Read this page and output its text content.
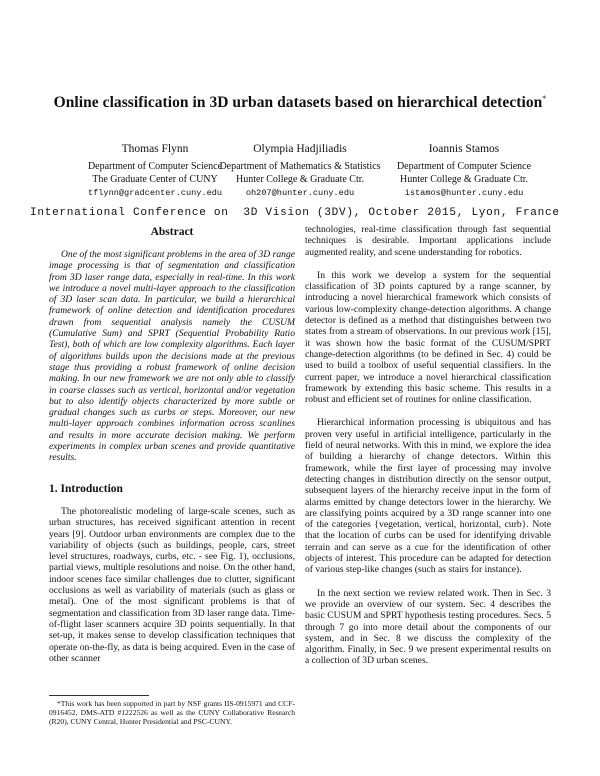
Online classification in 3D urban datasets based on hierarchical detection*
Thomas Flynn
Department of Computer Science
The Graduate Center of CUNY
tflynn@gradcenter.cuny.edu
Olympia Hadjiliadis
Department of Mathematics & Statistics
Hunter College & Graduate Ctr.
oh207@hunter.cuny.edu
Ioannis Stamos
Department of Computer Science
Hunter College & Graduate Ctr.
istamos@hunter.cuny.edu
International Conference on  3D Vision (3DV), October 2015, Lyon, France
Abstract
One of the most significant problems in the area of 3D range image processing is that of segmentation and classification from 3D laser range data, especially in real-time. In this work we introduce a novel multi-layer approach to the classification of 3D laser scan data. In particular, we build a hierarchical framework of online detection and identification procedures drawn from sequential analysis namely the CUSUM (Cumulative Sum) and SPRT (Sequential Probability Ratio Test), both of which are low complexity algorithms. Each layer of algorithms builds upon the decisions made at the previous stage thus providing a robust framework of online decision making. In our new framework we are not only able to classify in coarse classes such as vertical, horizontal and/or vegetation but to also identify objects characterized by more subtle or gradual changes such as curbs or steps. Moreover, our new multi-layer approach combines information across scanlines and results in more accurate decision making. We perform experiments in complex urban scenes and provide quantitative results.
1. Introduction
The photorealistic modeling of large-scale scenes, such as urban structures, has received significant attention in recent years [9]. Outdoor urban environments are complex due to the variability of objects (such as buildings, people, cars, street level structures, roadways, curbs, etc. - see Fig. 1), occlusions, partial views, multiple resolutions and noise. On the other hand, indoor scenes face similar challenges due to clutter, significant occlusions as well as variability of materials (such as glass or metal). One of the most significant problems is that of segmentation and classification from 3D laser range data. Time-of-flight laser scanners acquire 3D points sequentially. In that set-up, it makes sense to develop classification techniques that operate on-the-fly, as data is being acquired. Even in the case of other scanner
*This work has been supported in part by NSF grants IIS-0915971 and CCF-0916452, DMS-ATD #1222526 as well as the CUNY Collaborative Research (R20), CUNY Central, Hunter Presidential and PSC-CUNY.

technologies, real-time classification through fast sequential techniques is desirable. Important applications include augmented reality, and scene understanding for robotics.

In this work we develop a system for the sequential classification of 3D points captured by a range scanner, by introducing a novel hierarchical framework which consists of various low-complexity change-detection algorithms. A change detector is defined as a method that distinguishes between two states from a stream of observations. In our previous work [15], it was shown how the basic format of the CUSUM/SPRT change-detection algorithms (to be defined in Sec. 4) could be used to build a toolbox of useful sequential classifiers. In the current paper, we introduce a novel hierarchical classification framework by extending this basic scheme. This results in a robust and efficient set of routines for online classification.

Hierarchical information processing is ubiquitous and has proven very useful in artificial intelligence, particularly in the field of neural networks. With this in mind, we explore the idea of building a hierarchy of change detectors. Within this framework, while the first layer of processing may involve detecting changes in distribution directly on the sensor output, subsequent layers of the hierarchy receive input in the form of alarms emitted by change detectors lower in the hierarchy. We are classifying points acquired by a 3D range scanner into one of the categories {vegetation, vertical, horizontal, curb}. Note that the location of curbs can be used for identifying drivable terrain and can serve as a cue for the identification of other objects of interest. This procedure can be adapted for detection of various step-like changes (such as stairs for instance).

In the next section we review related work. Then in Sec. 3 we provide an overview of our system. Sec. 4 describes the basic CUSUM and SPRT hypothesis testing procedures. Secs. 5 through 7 go into more detail about the components of our system, and in Sec. 8 we discuss the complexity of the algorithm. Finally, in Sec. 9 we present experimental results on a collection of 3D urban scenes.
